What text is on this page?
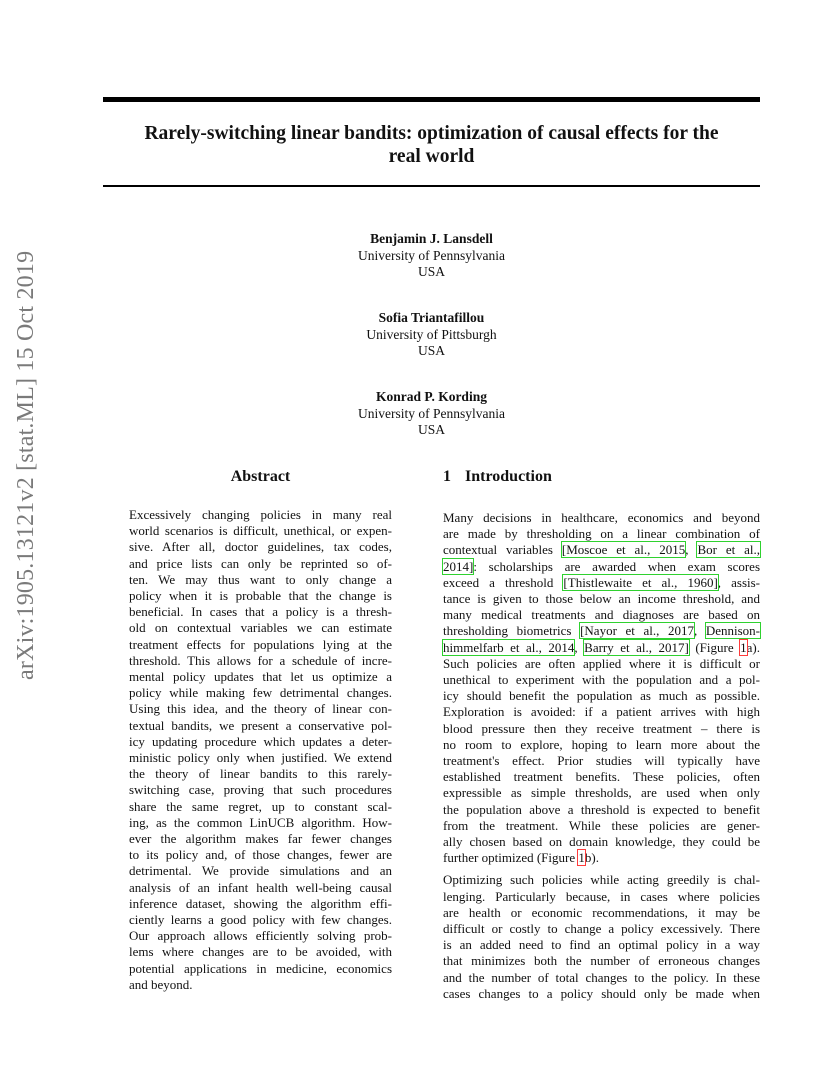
Rarely-switching linear bandits: optimization of causal effects for the
real world
Benjamin J. Lansdell
University of Pennsylvania
USA
Sofia Triantafillou
University of Pittsburgh
USA
Konrad P. Kording
University of Pennsylvania
USA
arXiv:1905.13121v2 [stat.ML] 15 Oct 2019	Abstract	1 Introduction
Excessively changing policies in many real
world scenarios is difficult, unethical, or expen-
sive. After all, doctor guidelines, tax codes,
and price lists can only be reprinted so of-
ten. We may thus want to only change a
policy when it is probable that the change is
beneficial. In cases that a policy is a thresh-
old on contextual variables we can estimate
treatment effects for populations lying at the
threshold. This allows for a schedule of incre-
mental policy updates that let us optimize a
policy while making few detrimental changes.
Using this idea, and the theory of linear con-
textual bandits, we present a conservative pol-
icy updating procedure which updates a deter-
ministic policy only when justified. We extend
the theory of linear bandits to this rarely-
switching case, proving that such procedures
share the same regret, up to constant scal-
ing, as the common LinUCB algorithm. How-
ever the algorithm makes far fewer changes
to its policy and, of those changes, fewer are
detrimental. We provide simulations and an
analysis of an infant health well-being causal
inference dataset, showing the algorithm effi-
ciently learns a good policy with few changes.
Our approach allows efficiently solving prob-
lems where changes are to be avoided, with
potential applications in medicine, economics
and beyond.

Many decisions in healthcare, economics and beyond
are made by thresholding on a linear combination of
contextual variables [Moscoe et al., 2015, Bor et al.,
2014]: scholarships are awarded when exam scores
exceed a threshold [Thistlewaite et al., 1960], assis-
tance is given to those below an income threshold, and
many medical treatments and diagnoses are based on
thresholding biometrics [Nayor et al., 2017, Dennison-
himmelfarb et al., 2014, Barry et al., 2017] (Figure 1a).
Such policies are often applied where it is difficult or
unethical to experiment with the population and a pol-
icy should benefit the population as much as possible.
Exploration is avoided: if a patient arrives with high
blood pressure then they receive treatment – there is
no room to explore, hoping to learn more about the
treatment's effect. Prior studies will typically have
established treatment benefits. These policies, often
expressible as simple thresholds, are used when only
the population above a threshold is expected to benefit
from the treatment. While these policies are gener-
ally chosen based on domain knowledge, they could be
further optimized (Figure 1b).

Optimizing such policies while acting greedily is chal-
lenging. Particularly because, in cases where policies
are health or economic recommendations, it may be
difficult or costly to change a policy excessively. There
is an added need to find an optimal policy in a way
that minimizes both the number of erroneous changes
and the number of total changes to the policy. In these
cases changes to a policy should only be made when
